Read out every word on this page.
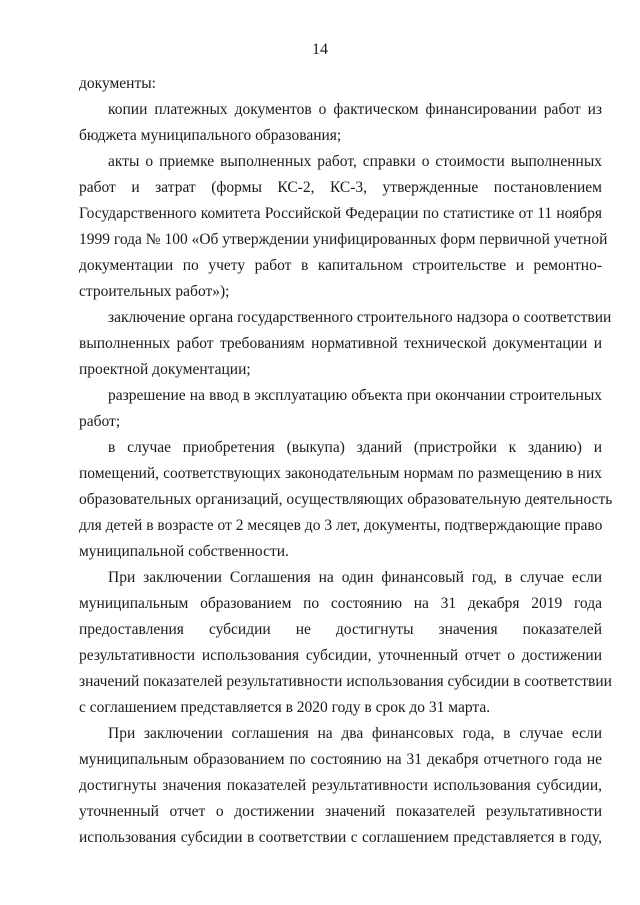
14
документы:
копии платежных документов о фактическом финансировании работ из
бюджета муниципального образования;
акты о приемке выполненных работ, справки о стоимости выполненных
работ и затрат (формы КС-2, КС-3, утвержденные постановлением
Государственного комитета Российской Федерации по статистике от 11 ноября
1999 года № 100 «Об утверждении унифицированных форм первичной учетной
документации по учету работ в капитальном строительстве и ремонтно-
строительных работ»);
заключение органа государственного строительного надзора о соответствии
выполненных работ требованиям нормативной технической документации и
проектной документации;
разрешение на ввод в эксплуатацию объекта при окончании строительных
работ;
в случае приобретения (выкупа) зданий (пристройки к зданию) и
помещений, соответствующих законодательным нормам по размещению в них
образовательных организаций, осуществляющих образовательную деятельность
для детей в возрасте от 2 месяцев до 3 лет, документы, подтверждающие право
муниципальной собственности.
При заключении Соглашения на один финансовый год, в случае если
муниципальным образованием по состоянию на 31 декабря 2019 года
предоставления субсидии не достигнуты значения показателей
результативности использования субсидии, уточненный отчет о достижении
значений показателей результативности использования субсидии в соответствии
с соглашением представляется в 2020 году в срок до 31 марта.
При заключении соглашения на два финансовых года, в случае если
муниципальным образованием по состоянию на 31 декабря отчетного года не
достигнуты значения показателей результативности использования субсидии,
уточненный отчет о достижении значений показателей результативности
использования субсидии в соответствии с соглашением представляется в году,
